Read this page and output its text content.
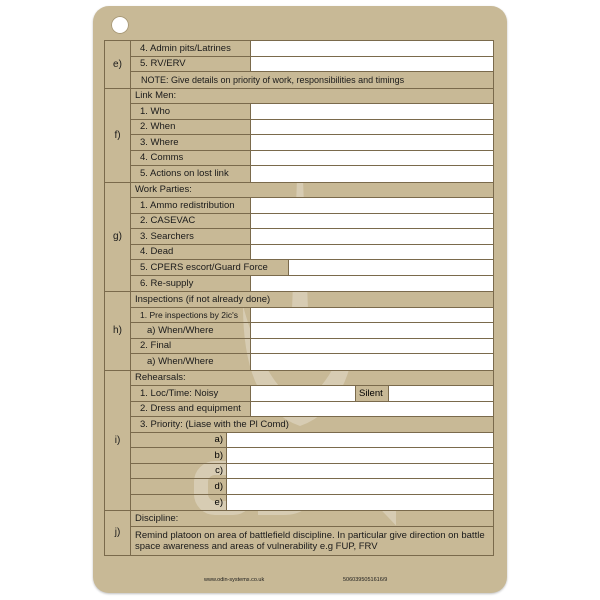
e)
4. Admin pits/Latrines
5. RV/ERV
NOTE: Give details on priority of work, responsibilities and timings
f)
Link Men:
1. Who
2. When
3. Where
4. Comms
5. Actions on lost link
g)
Work Parties:
1. Ammo redistribution
2. CASEVAC
3. Searchers
4. Dead
5. CPERS escort/Guard Force
6. Re-supply
h)
Inspections (if not already done)
1. Pre inspections by 2ic's
a) When/Where
2. Final
a) When/Where
i)
Rehearsals:
1. Loc/Time: Noisy	Silent
2. Dress and equipment
3. Priority: (Liase with the Pl Comd)
a)
b)
c)
d)
e)
j)
Discipline:
Remind platoon on area of battlefield discipline. In particular give direction on battle space awareness and areas of vulnerability e.g FUP, FRV
www.odin-systems.co.uk	5060395051616/9
